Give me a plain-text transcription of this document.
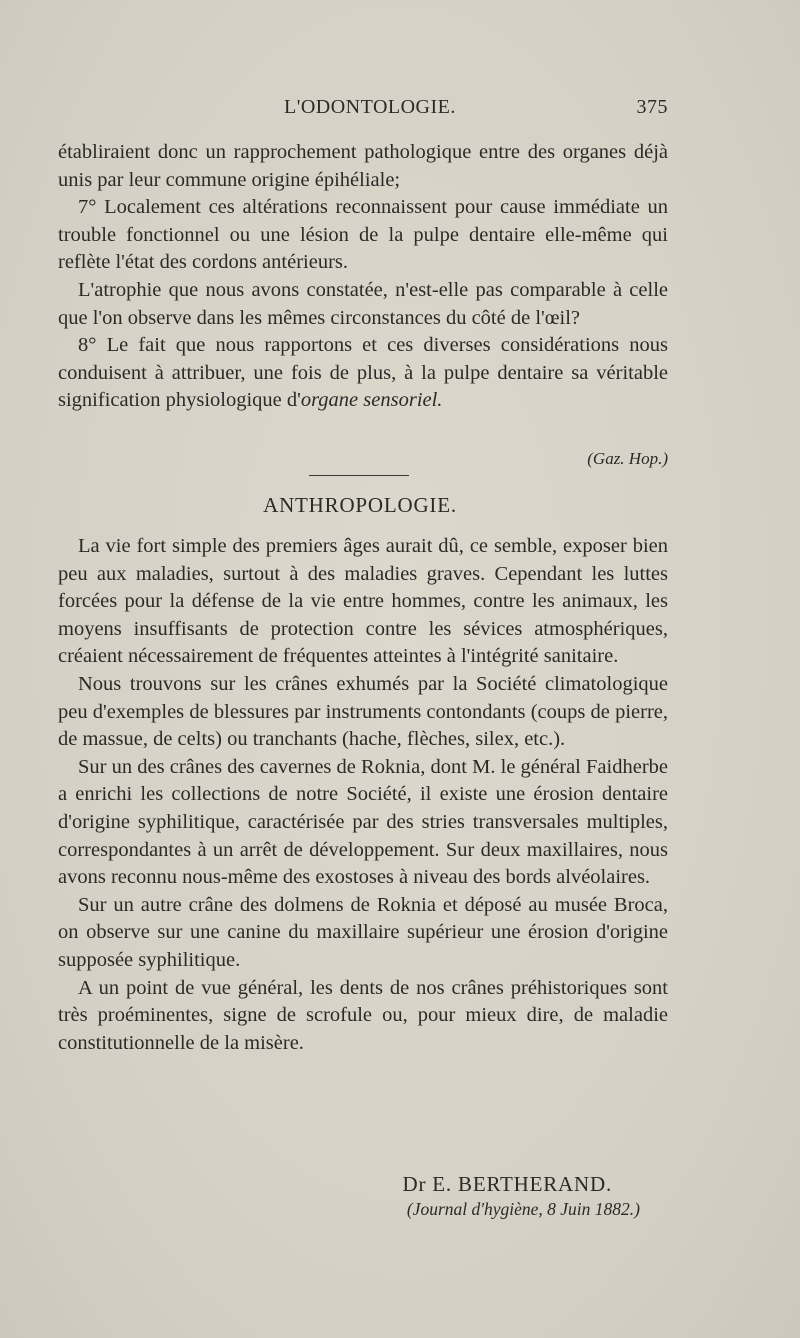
L'ODONTOLOGIE.	375

établiraient donc un rapprochement pathologique entre des organes déjà unis par leur commune origine épihéliale;

7° Localement ces altérations reconnaissent pour cause immédiate un trouble fonctionnel ou une lésion de la pulpe dentaire elle-même qui reflète l'état des cordons antérieurs.

L'atrophie que nous avons constatée, n'est-elle pas comparable à celle que l'on observe dans les mêmes circonstances du côté de l'œil?

8° Le fait que nous rapportons et ces diverses considérations nous conduisent à attribuer, une fois de plus, à la pulpe dentaire sa véritable signification physiologique d'organe sensoriel.

(Gaz. Hop.)
ANTHROPOLOGIE.

La vie fort simple des premiers âges aurait dû, ce semble, exposer bien peu aux maladies, surtout à des maladies graves. Cependant les luttes forcées pour la défense de la vie entre hommes, contre les animaux, les moyens insuffisants de protection contre les sévices atmosphériques, créaient nécessairement de fréquentes atteintes à l'intégrité sanitaire.

Nous trouvons sur les crânes exhumés par la Société climatologique peu d'exemples de blessures par instruments contondants (coups de pierre, de massue, de celts) ou tranchants (hache, flèches, silex, etc.).

Sur un des crânes des cavernes de Roknia, dont M. le général Faidherbe a enrichi les collections de notre Société, il existe une érosion dentaire d'origine syphilitique, caractérisée par des stries transversales multiples, correspondantes à un arrêt de développement. Sur deux maxillaires, nous avons reconnu nous-même des exostoses à niveau des bords alvéolaires.

Sur un autre crâne des dolmens de Roknia et déposé au musée Broca, on observe sur une canine du maxillaire supérieur une érosion d'origine supposée syphilitique.

A un point de vue général, les dents de nos crânes préhistoriques sont très proéminentes, signe de scrofule ou, pour mieux dire, de maladie constitutionnelle de la misère.

Dr E. BERTHERAND.
(Journal d'hygiène, 8 Juin 1882.)
